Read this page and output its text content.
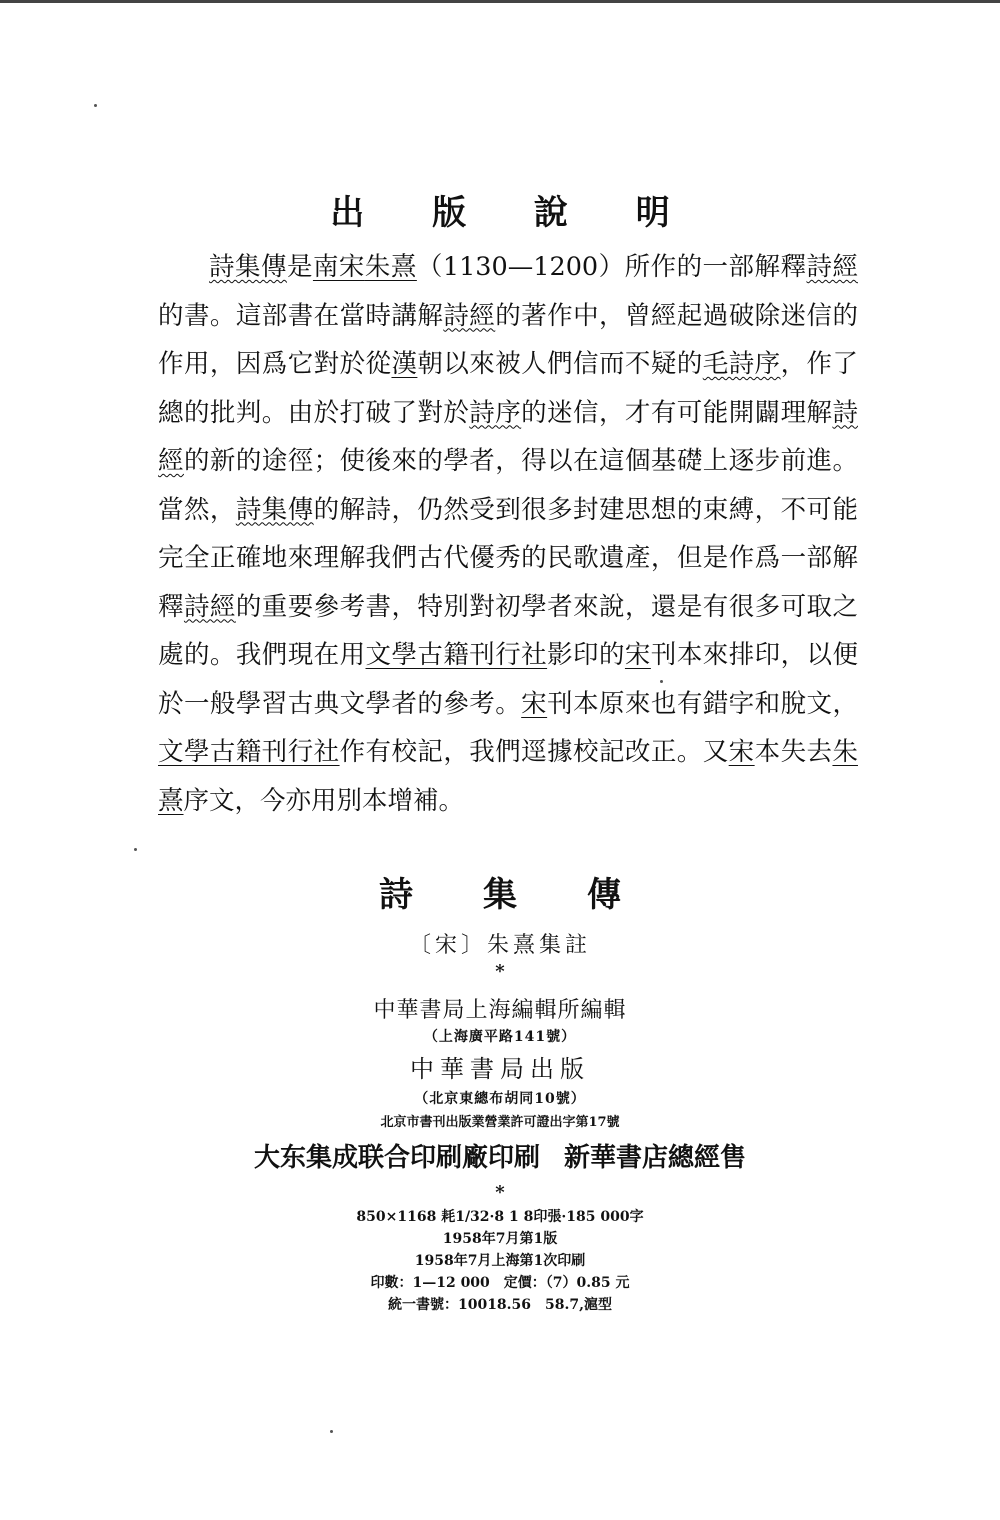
出 版 說 明

詩集傳是南宋朱熹（1130—1200）所作的一部解釋詩經的書。這部書在當時講解詩經的著作中，曾經起過破除迷信的作用，因爲它對於從漢朝以來被人們信而不疑的毛詩序，作了總的批判。由於打破了對於詩序的迷信，才有可能開闢理解詩經的新的途徑；使後來的學者，得以在這個基礎上逐步前進。當然，詩集傳的解詩，仍然受到很多封建思想的束縛，不可能完全正確地來理解我們古代優秀的民歌遺產，但是作爲一部解釋詩經的重要參考書，特別對初學者來說，還是有很多可取之處的。我們現在用文學古籍刊行社影印的宋刊本來排印，以便於一般學習古典文學者的參考。宋刊本原來也有錯字和脫文，文學古籍刊行社作有校記，我們逕據校記改正。又宋本失去朱熹序文，今亦用別本增補。

詩集傳
〔宋〕朱熹集註
*
中華書局上海編輯所編輯
（上海廣平路141號）
中華書局出版
（北京東總布胡同10號）
北京市書刊出版業營業許可證出字第17號
大东集成联合印刷廠印刷 新華書店總經售
*
850×1168 耗1/32·8 1 8印張·185 000字
1958年7月第1版
1958年7月上海第1次印刷
印數：1—12 000　定價：（7）0.85 元
統一書號：10018.56　58.7,滬型
